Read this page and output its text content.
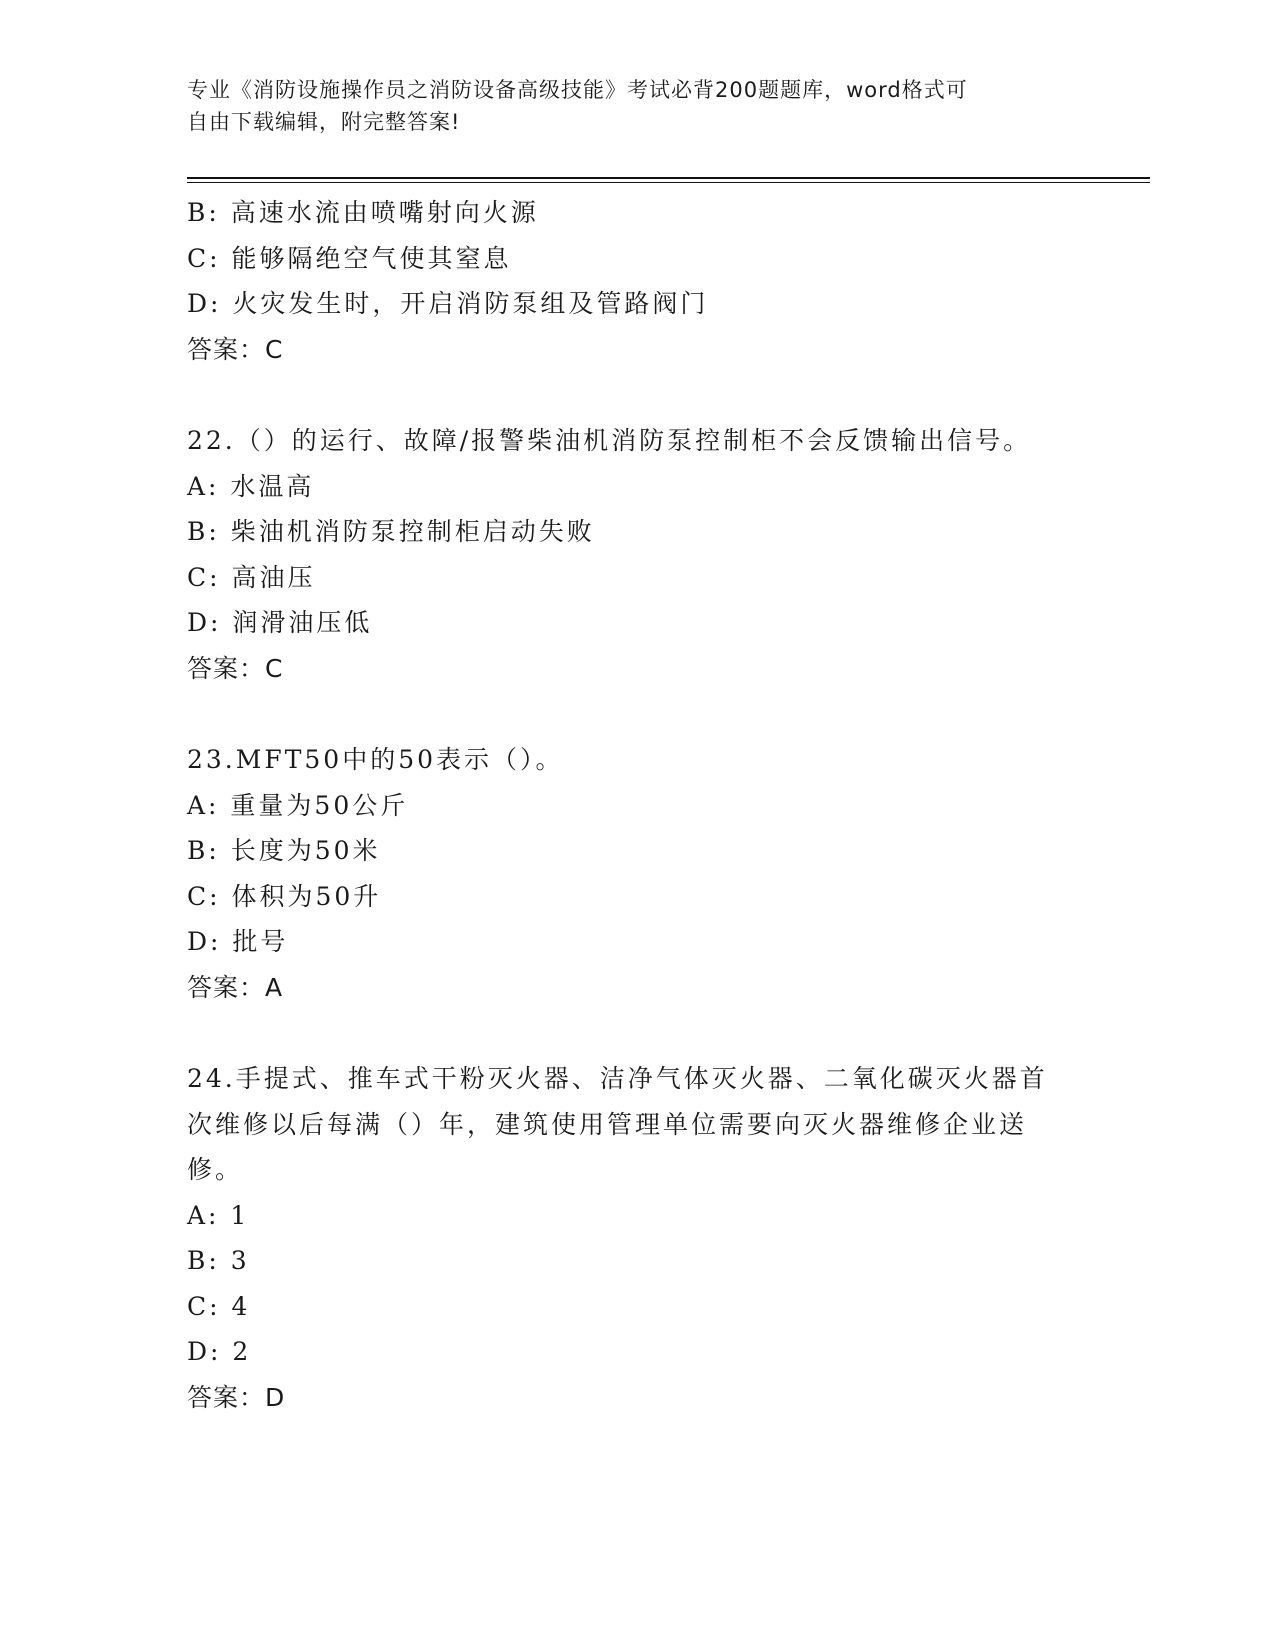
专业《消防设施操作员之消防设备高级技能》考试必背200题题库，word格式可
自由下载编辑，附完整答案!
B: 高速水流由喷嘴射向火源
C: 能够隔绝空气使其窒息
D: 火灾发生时，开启消防泵组及管路阀门
答案：C
22.（）的运行、故障/报警柴油机消防泵控制柜不会反馈输出信号。
A: 水温高
B: 柴油机消防泵控制柜启动失败
C: 高油压
D: 润滑油压低
答案：C
23.MFT50中的50表示（）。
A: 重量为50公斤
B: 长度为50米
C: 体积为50升
D: 批号
答案：A
24.手提式、推车式干粉灭火器、洁净气体灭火器、二氧化碳灭火器首
次维修以后每满（）年，建筑使用管理单位需要向灭火器维修企业送
修。
A: 1
B: 3
C: 4
D: 2
答案：D
